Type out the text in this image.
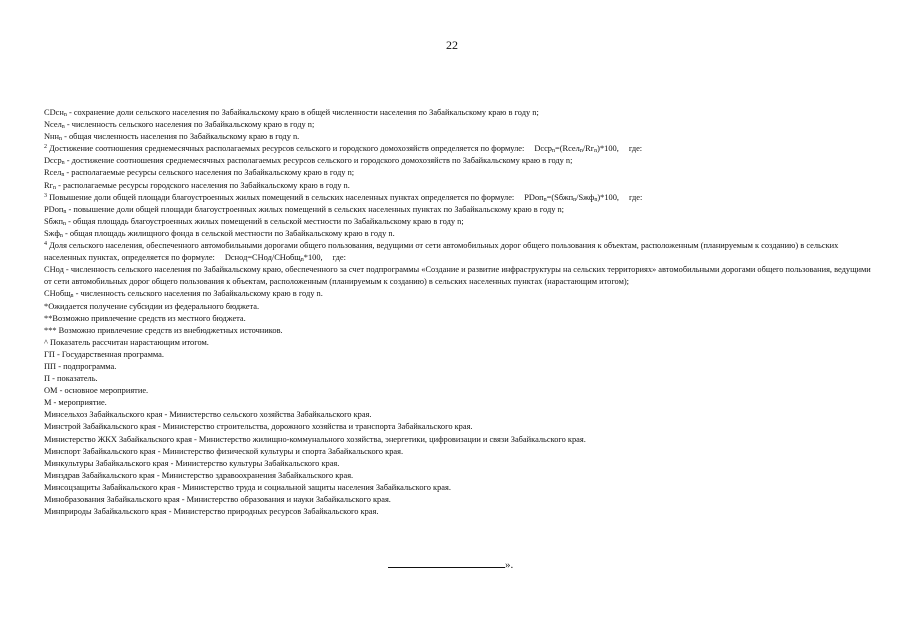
22
CDсн$_n$ - сохранение доли сельского населения по Забайкальскому краю в общей численности населения по Забайкальскому краю в году n;
Nсел$_n$ - численность сельского населения по Забайкальскому краю в году n;
Nнн$_n$ - общая численность населения по Забайкальскому краю в году n.
$^2$ Достижение соотношения среднемесячных располагаемых ресурсов сельского и городского домохозяйств определяется по формуле: $Dсср_n=(Rсел_n/Rг_n)*100$, где:
Dсср$_n$ - достижение соотношения среднемесячных располагаемых ресурсов сельского и городского домохозяйств по Забайкальскому краю в году n;
Rсел$_n$ - располагаемые ресурсы сельского населения по Забайкальскому краю в году n;
$Rг_n$ - располагаемые ресурсы городского населения по Забайкальскому краю в году n.
$^3$ Повышение доли общей площади благоустроенных жилых помещений в сельских населенных пунктах определяется по формуле: PDоп$_n$=(Sбжп$_n$/Sжф$_n$)*100, где:
PDоп$_n$ - повышение доли общей площади благоустроенных жилых помещений в сельских населенных пунктах по Забайкальскому краю в году n;
Sбжп$_n$ - общая площадь благоустроенных жилых помещений в сельской местности по Забайкальскому краю в году n;
Sжф$_n$ - общая площадь жилищного фонда в сельской местности по Забайкальскому краю в году n.
$^4$ Доля сельского населения, обеспеченного автомобильными дорогами общего пользования, ведущими от сети автомобильных дорог общего пользования к объектам, расположенным (планируемым к созданию) в сельских населенных пунктах, определяется по формуле: Dснод=CHод/CHобщ$_n$*100, где:
CHод - численность сельского населения по Забайкальскому краю, обеспеченного за счет подпрограммы «Создание и развитие инфраструктуры на сельских территориях» автомобильными дорогами общего пользования, ведущими от сети автомобильных дорог общего пользования к объектам, расположенным (планируемым к созданию) в сельских населенных пунктах (нарастающим итогом);
CHобщ$_n$ - численность сельского населения по Забайкальскому краю в году n.
*Ожидается получение субсидии из федерального бюджета.
**Возможно привлечение средств из местного бюджета.
*** Возможно привлечение средств из внебюджетных источников.
^ Показатель рассчитан нарастающим итогом.
ГП - Государственная программа.
ПП - подпрограмма.
П - показатель.
ОМ - основное мероприятие.
М - мероприятие.
Минсельхоз Забайкальского края - Министерство сельского хозяйства Забайкальского края.
Минстрой Забайкальского края - Министерство строительства, дорожного хозяйства и транспорта Забайкальского края.
Министерство ЖКХ Забайкальского края - Министерство жилищно-коммунального хозяйства, энергетики, цифровизации и связи Забайкальского края.
Минспорт Забайкальского края - Министерство физической культуры и спорта Забайкальского края.
Минкультуры Забайкальского края - Министерство культуры Забайкальского края.
Минздрав Забайкальского края - Министерство здравоохранения Забайкальского края.
Минсоцзащиты Забайкальского края - Министерство труда и социальной защиты населения Забайкальского края.
Минобразования Забайкальского края - Министерство образования и науки Забайкальского края.
Минприроды Забайкальского края - Министерство природных ресурсов Забайкальского края.
».
